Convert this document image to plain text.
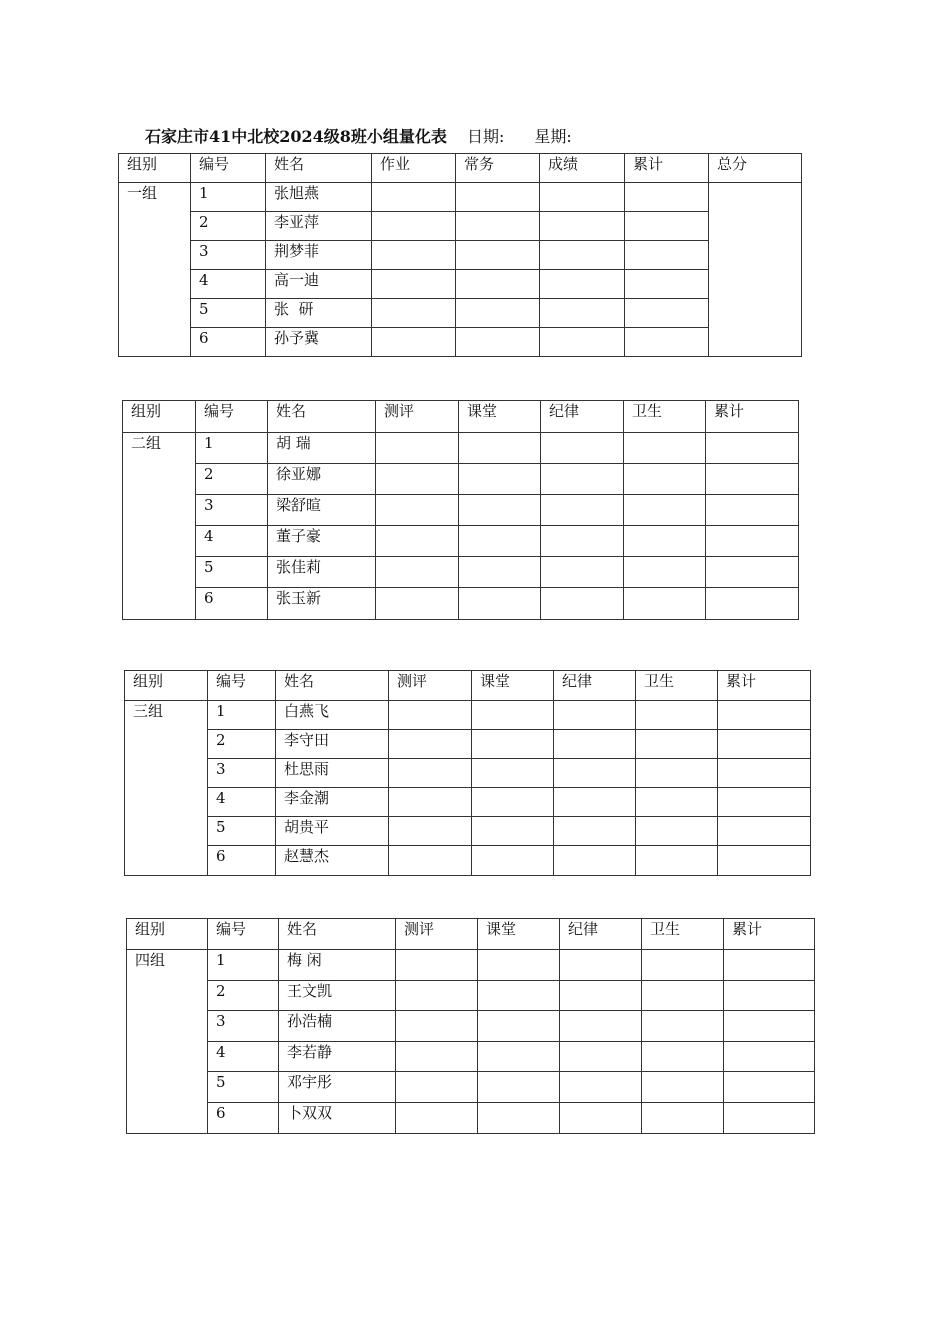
石家庄市41中北校2024级8班小组量化表 日期: 星期:
组别	编号	姓名	作业	常务	成绩	累计	总分
一组	1	张旭燕					
	2	李亚萍					
	3	荆梦菲					
	4	高一迪					
	5	张  研					
	6	孙予冀					
组别	编号	姓名	测评	课堂	纪律	卫生	累计
二组	1	胡 瑞					
	2	徐亚娜					
	3	梁舒暄					
	4	董子豪					
	5	张佳莉					
	6	张玉新					
组别	编号	姓名	测评	课堂	纪律	卫生	累计
三组	1	白燕飞					
	2	李守田					
	3	杜思雨					
	4	李金潮					
	5	胡贵平					
	6	赵慧杰					
组别	编号	姓名	测评	课堂	纪律	卫生	累计
四组	1	梅 闲					
	2	王文凯					
	3	孙浩楠					
	4	李若静					
	5	邓宇彤					
	6	卜双双					
